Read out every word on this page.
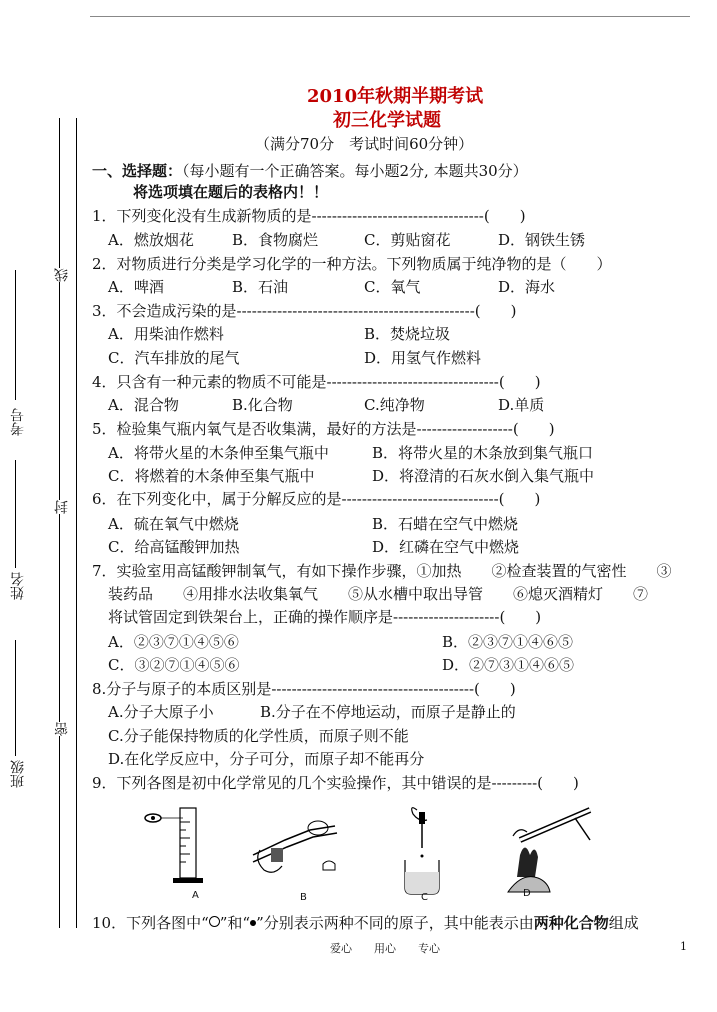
考号
姓名
班级
线
封
密
2010年秋期半期考试
初三化学试题
（满分70分　考试时间60分钟）
一、选择题：（每小题有一个正确答案。每小题2分, 本题共30分）
将选项填在题后的表格内！！
1．下列变化没有生成新物质的是----------------------------------(　　)
A．燃放烟花	B．食物腐烂	C．剪贴窗花	D．钢铁生锈
2．对物质进行分类是学习化学的一种方法。下列物质属于纯净物的是（　　）
A．啤酒	B．石油	C．氧气	D．海水
3．不会造成污染的是-----------------------------------------------(　　)
A．用柴油作燃料	B．焚烧垃圾
C．汽车排放的尾气	D．用氢气作燃料
4．只含有一种元素的物质不可能是----------------------------------(　　)
A．混合物	B.化合物	C.纯净物	D.单质
5．检验集气瓶内氧气是否收集满，最好的方法是-------------------(　　)
A．将带火星的木条伸至集气瓶中	B．将带火星的木条放到集气瓶口
C．将燃着的木条伸至集气瓶中	D．将澄清的石灰水倒入集气瓶中
6．在下列变化中，属于分解反应的是-------------------------------(　　)
A．硫在氧气中燃烧	B．石蜡在空气中燃烧
C．给高锰酸钾加热	D．红磷在空气中燃烧
7．实验室用高锰酸钾制氧气，有如下操作步骤，①加热　　②检查装置的气密性　　③
装药品　　④用排水法收集氧气　　⑤从水槽中取出导管　　⑥熄灭酒精灯　　⑦
将试管固定到铁架台上，正确的操作顺序是---------------------(　　)
A．②③⑦①④⑤⑥	B．②③⑦①④⑥⑤
C．③②⑦①④⑤⑥	D．②⑦③①④⑥⑤
8.分子与原子的本质区别是----------------------------------------(　　)
A.分子大原子小	B.分子在不停地运动，而原子是静止的
C.分子能保持物质的化学性质，而原子则不能
D.在化学反应中，分子可分，而原子却不能再分
9．下列各图是初中化学常见的几个实验操作，其中错误的是---------(　　)
A	B	C	D
10．下列各图中“ ”和“ ”分别表示两种不同的原子，其中能表示由两种化合物组成
爱心　　用心　　专心	1
